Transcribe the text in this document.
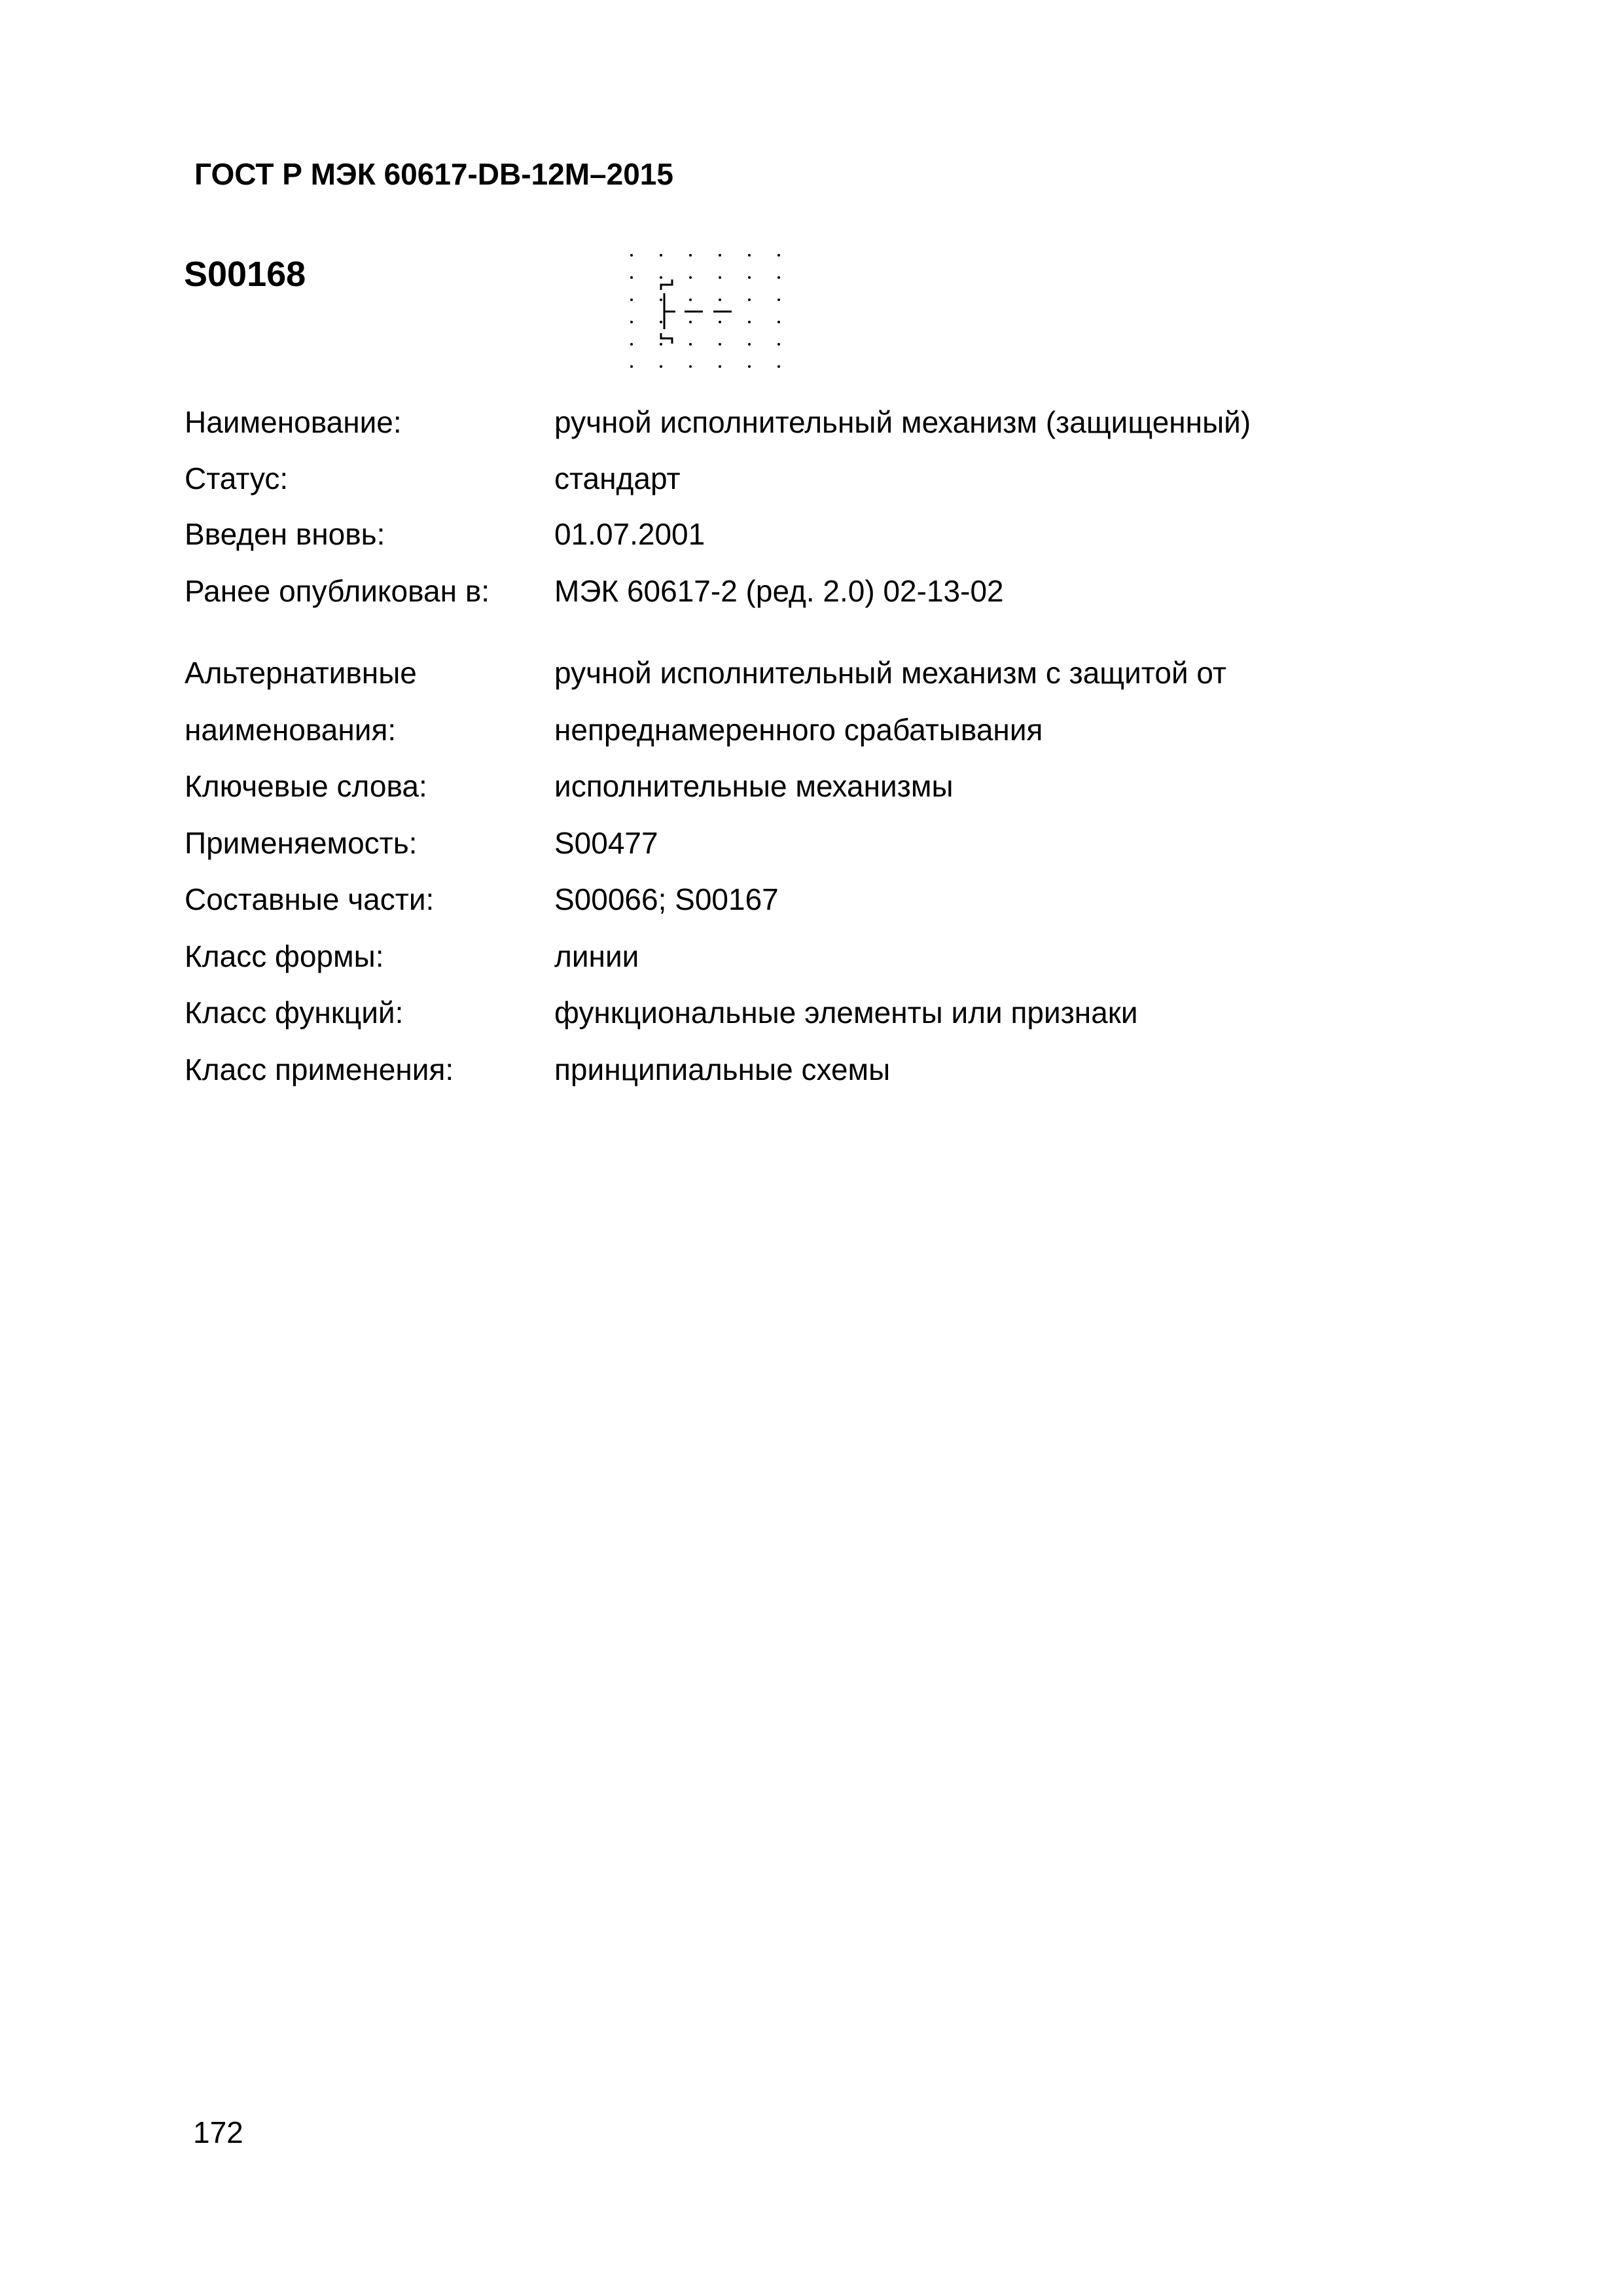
ГОСТ Р МЭК 60617-DB-12M–2015
S00168
Наименование:	ручной исполнительный механизм (защищенный)
Статус:	стандарт
Введен вновь:	01.07.2001
Ранее опубликован в: МЭК 60617-2 (ред. 2.0) 02-13-02
Альтернативные	ручной исполнительный механизм с защитой от
наименования:	непреднамеренного срабатывания
Ключевые слова:	исполнительные механизмы
Применяемость:	S00477
Составные части:	S00066; S00167
Класс формы:	линии
Класс функций:	функциональные элементы или признаки
Класс применения:	принципиальные схемы
172
